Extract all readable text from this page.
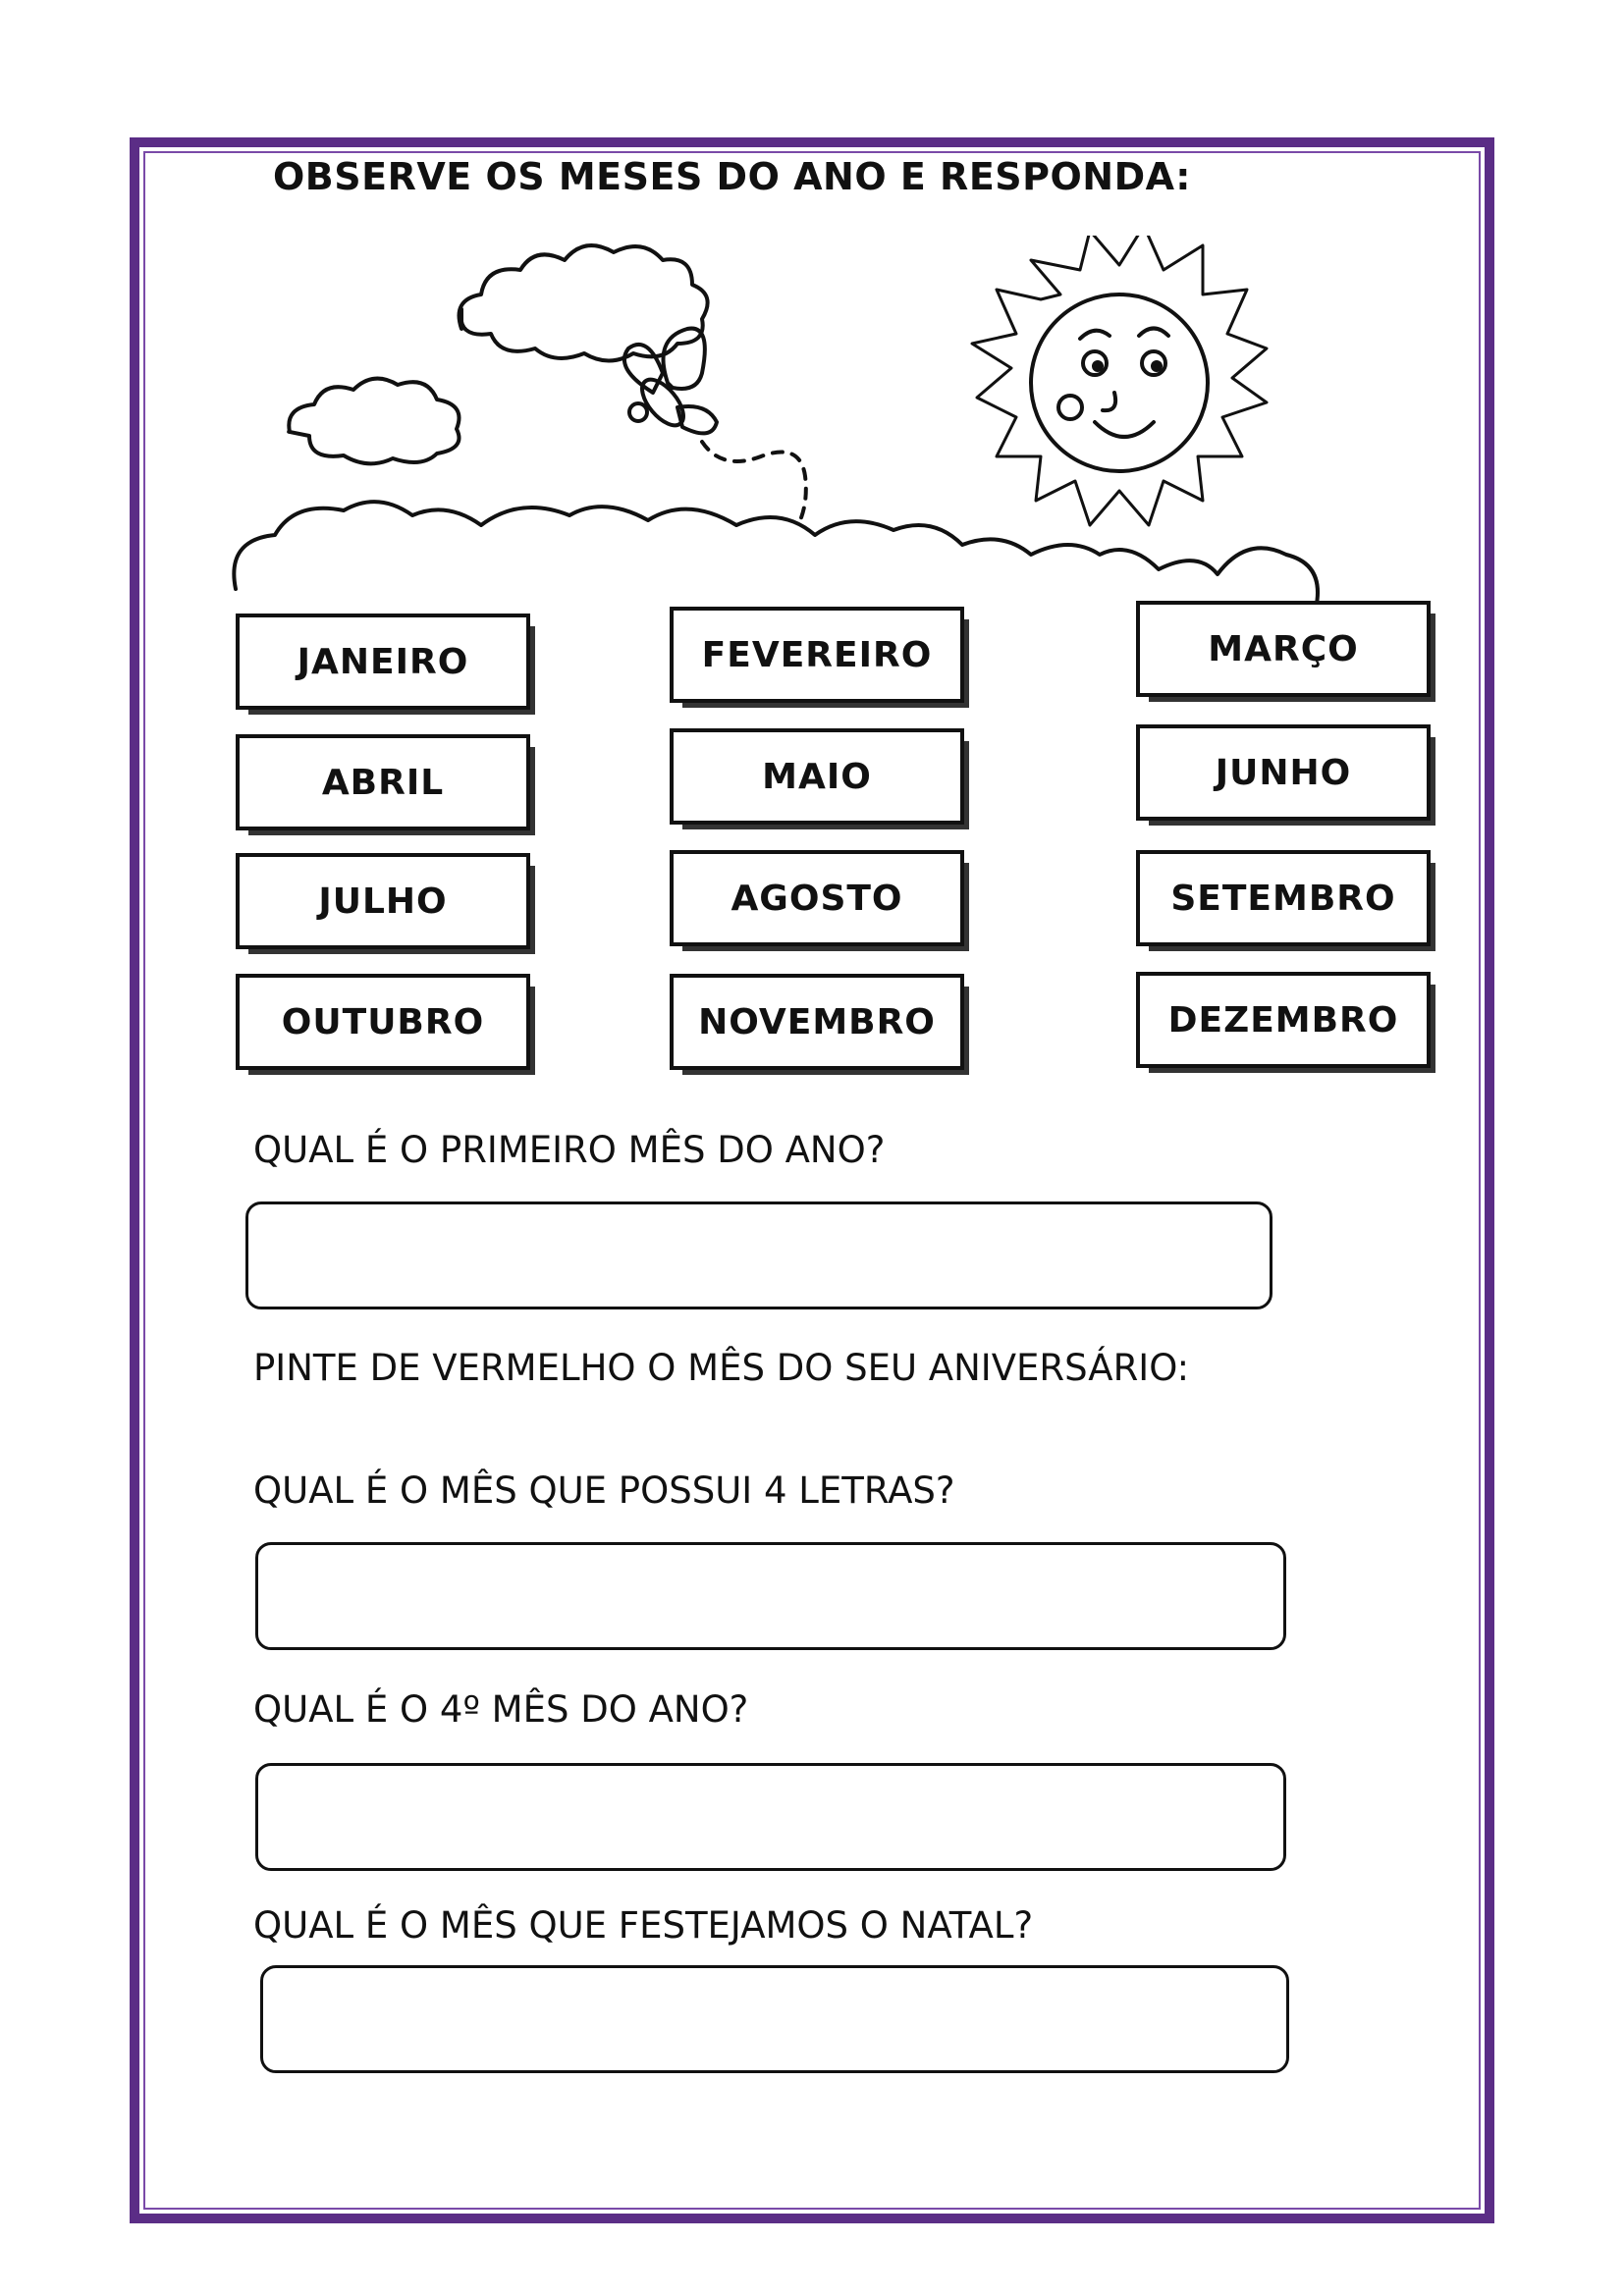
OBSERVE OS MESES DO ANO E RESPONDA:
JANEIRO	FEVEREIRO	MARÇO
ABRIL	MAIO	JUNHO
JULHO	AGOSTO	SETEMBRO
OUTUBRO	NOVEMBRO	DEZEMBRO
QUAL É O PRIMEIRO MÊS DO ANO?
PINTE DE VERMELHO O MÊS DO SEU ANIVERSÁRIO:
QUAL É O MÊS QUE POSSUI 4 LETRAS?
QUAL É O 4º MÊS DO ANO?
QUAL É O MÊS QUE FESTEJAMOS O NATAL?
